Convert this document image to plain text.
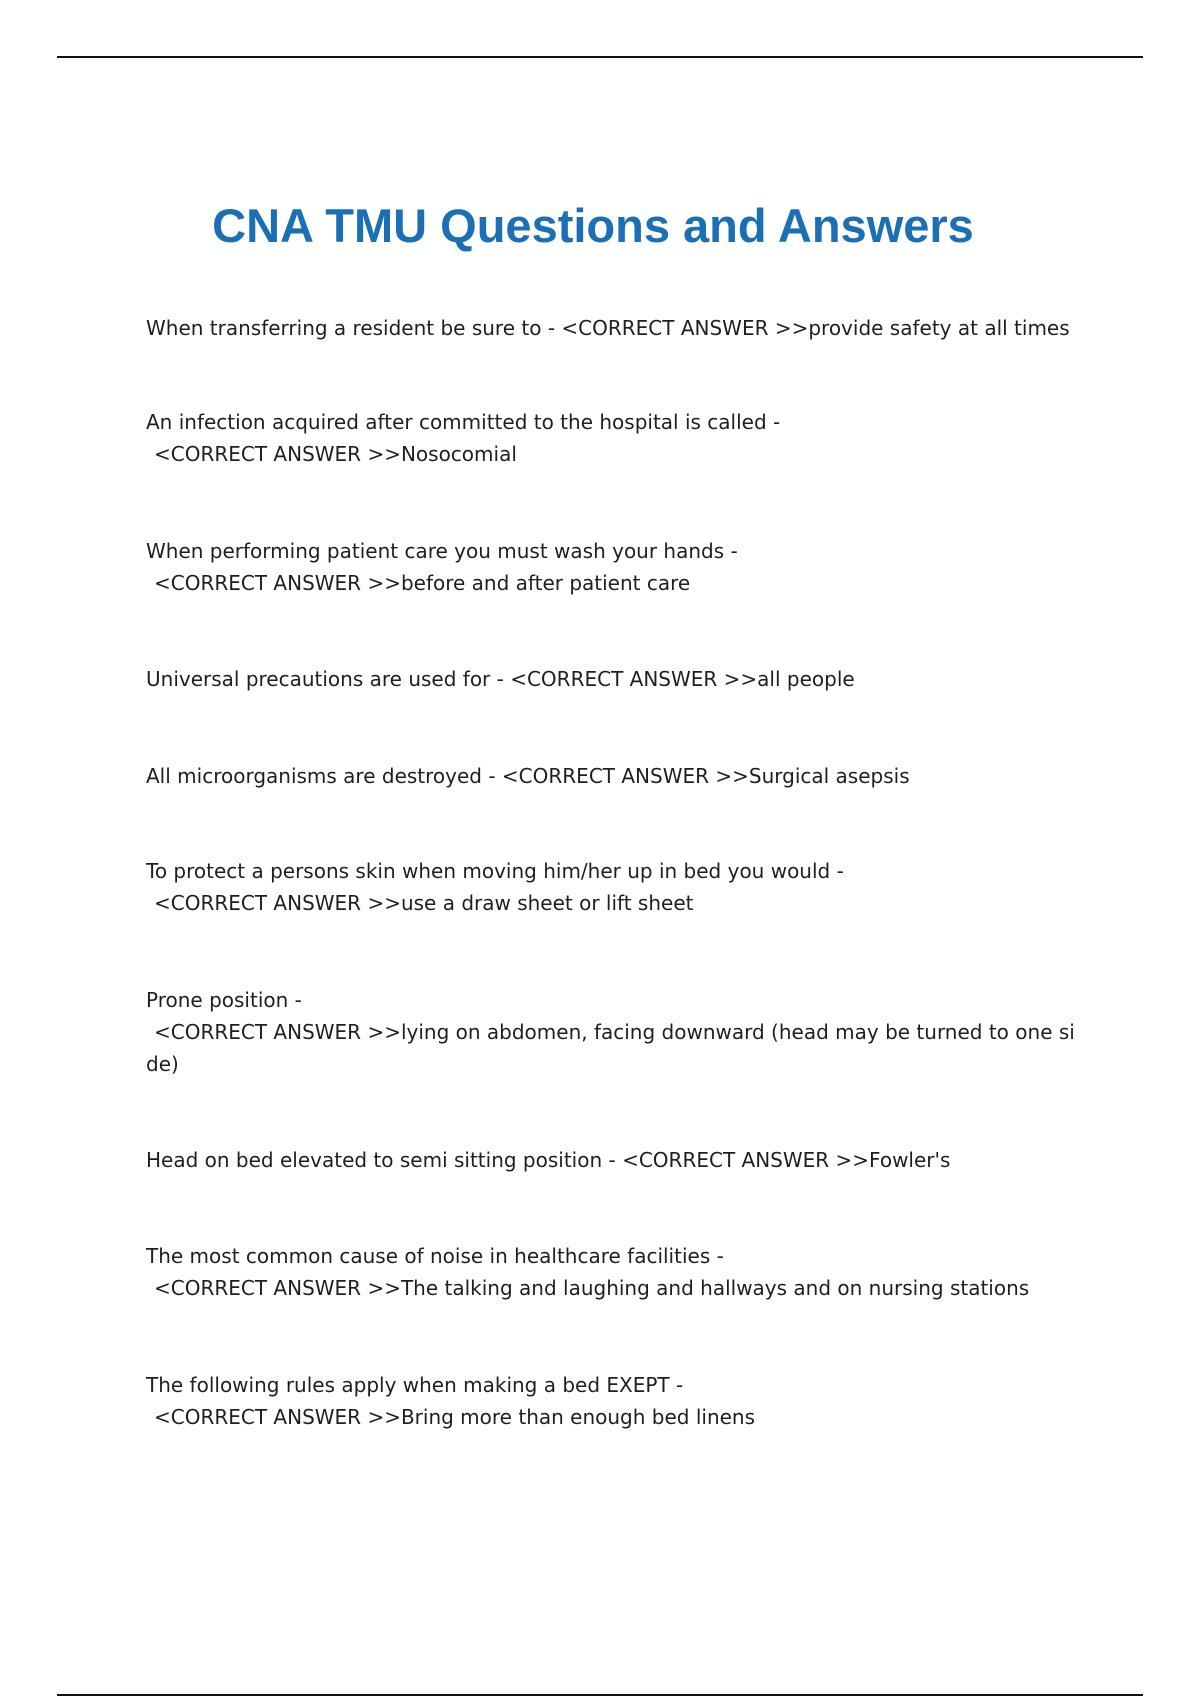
CNA TMU Questions and Answers
When transferring a resident be sure to - <CORRECT ANSWER >>provide safety at all times
An infection acquired after committed to the hospital is called -
<CORRECT ANSWER >>Nosocomial
When performing patient care you must wash your hands -
<CORRECT ANSWER >>before and after patient care
Universal precautions are used for - <CORRECT ANSWER >>all people
All microorganisms are destroyed - <CORRECT ANSWER >>Surgical asepsis
To protect a persons skin when moving him/her up in bed you would -
<CORRECT ANSWER >>use a draw sheet or lift sheet
Prone position -
<CORRECT ANSWER >>lying on abdomen, facing downward (head may be turned to one si
de)
Head on bed elevated to semi sitting position - <CORRECT ANSWER >>Fowler's
The most common cause of noise in healthcare facilities -
<CORRECT ANSWER >>The talking and laughing and hallways and on nursing stations
The following rules apply when making a bed EXEPT -
<CORRECT ANSWER >>Bring more than enough bed linens
